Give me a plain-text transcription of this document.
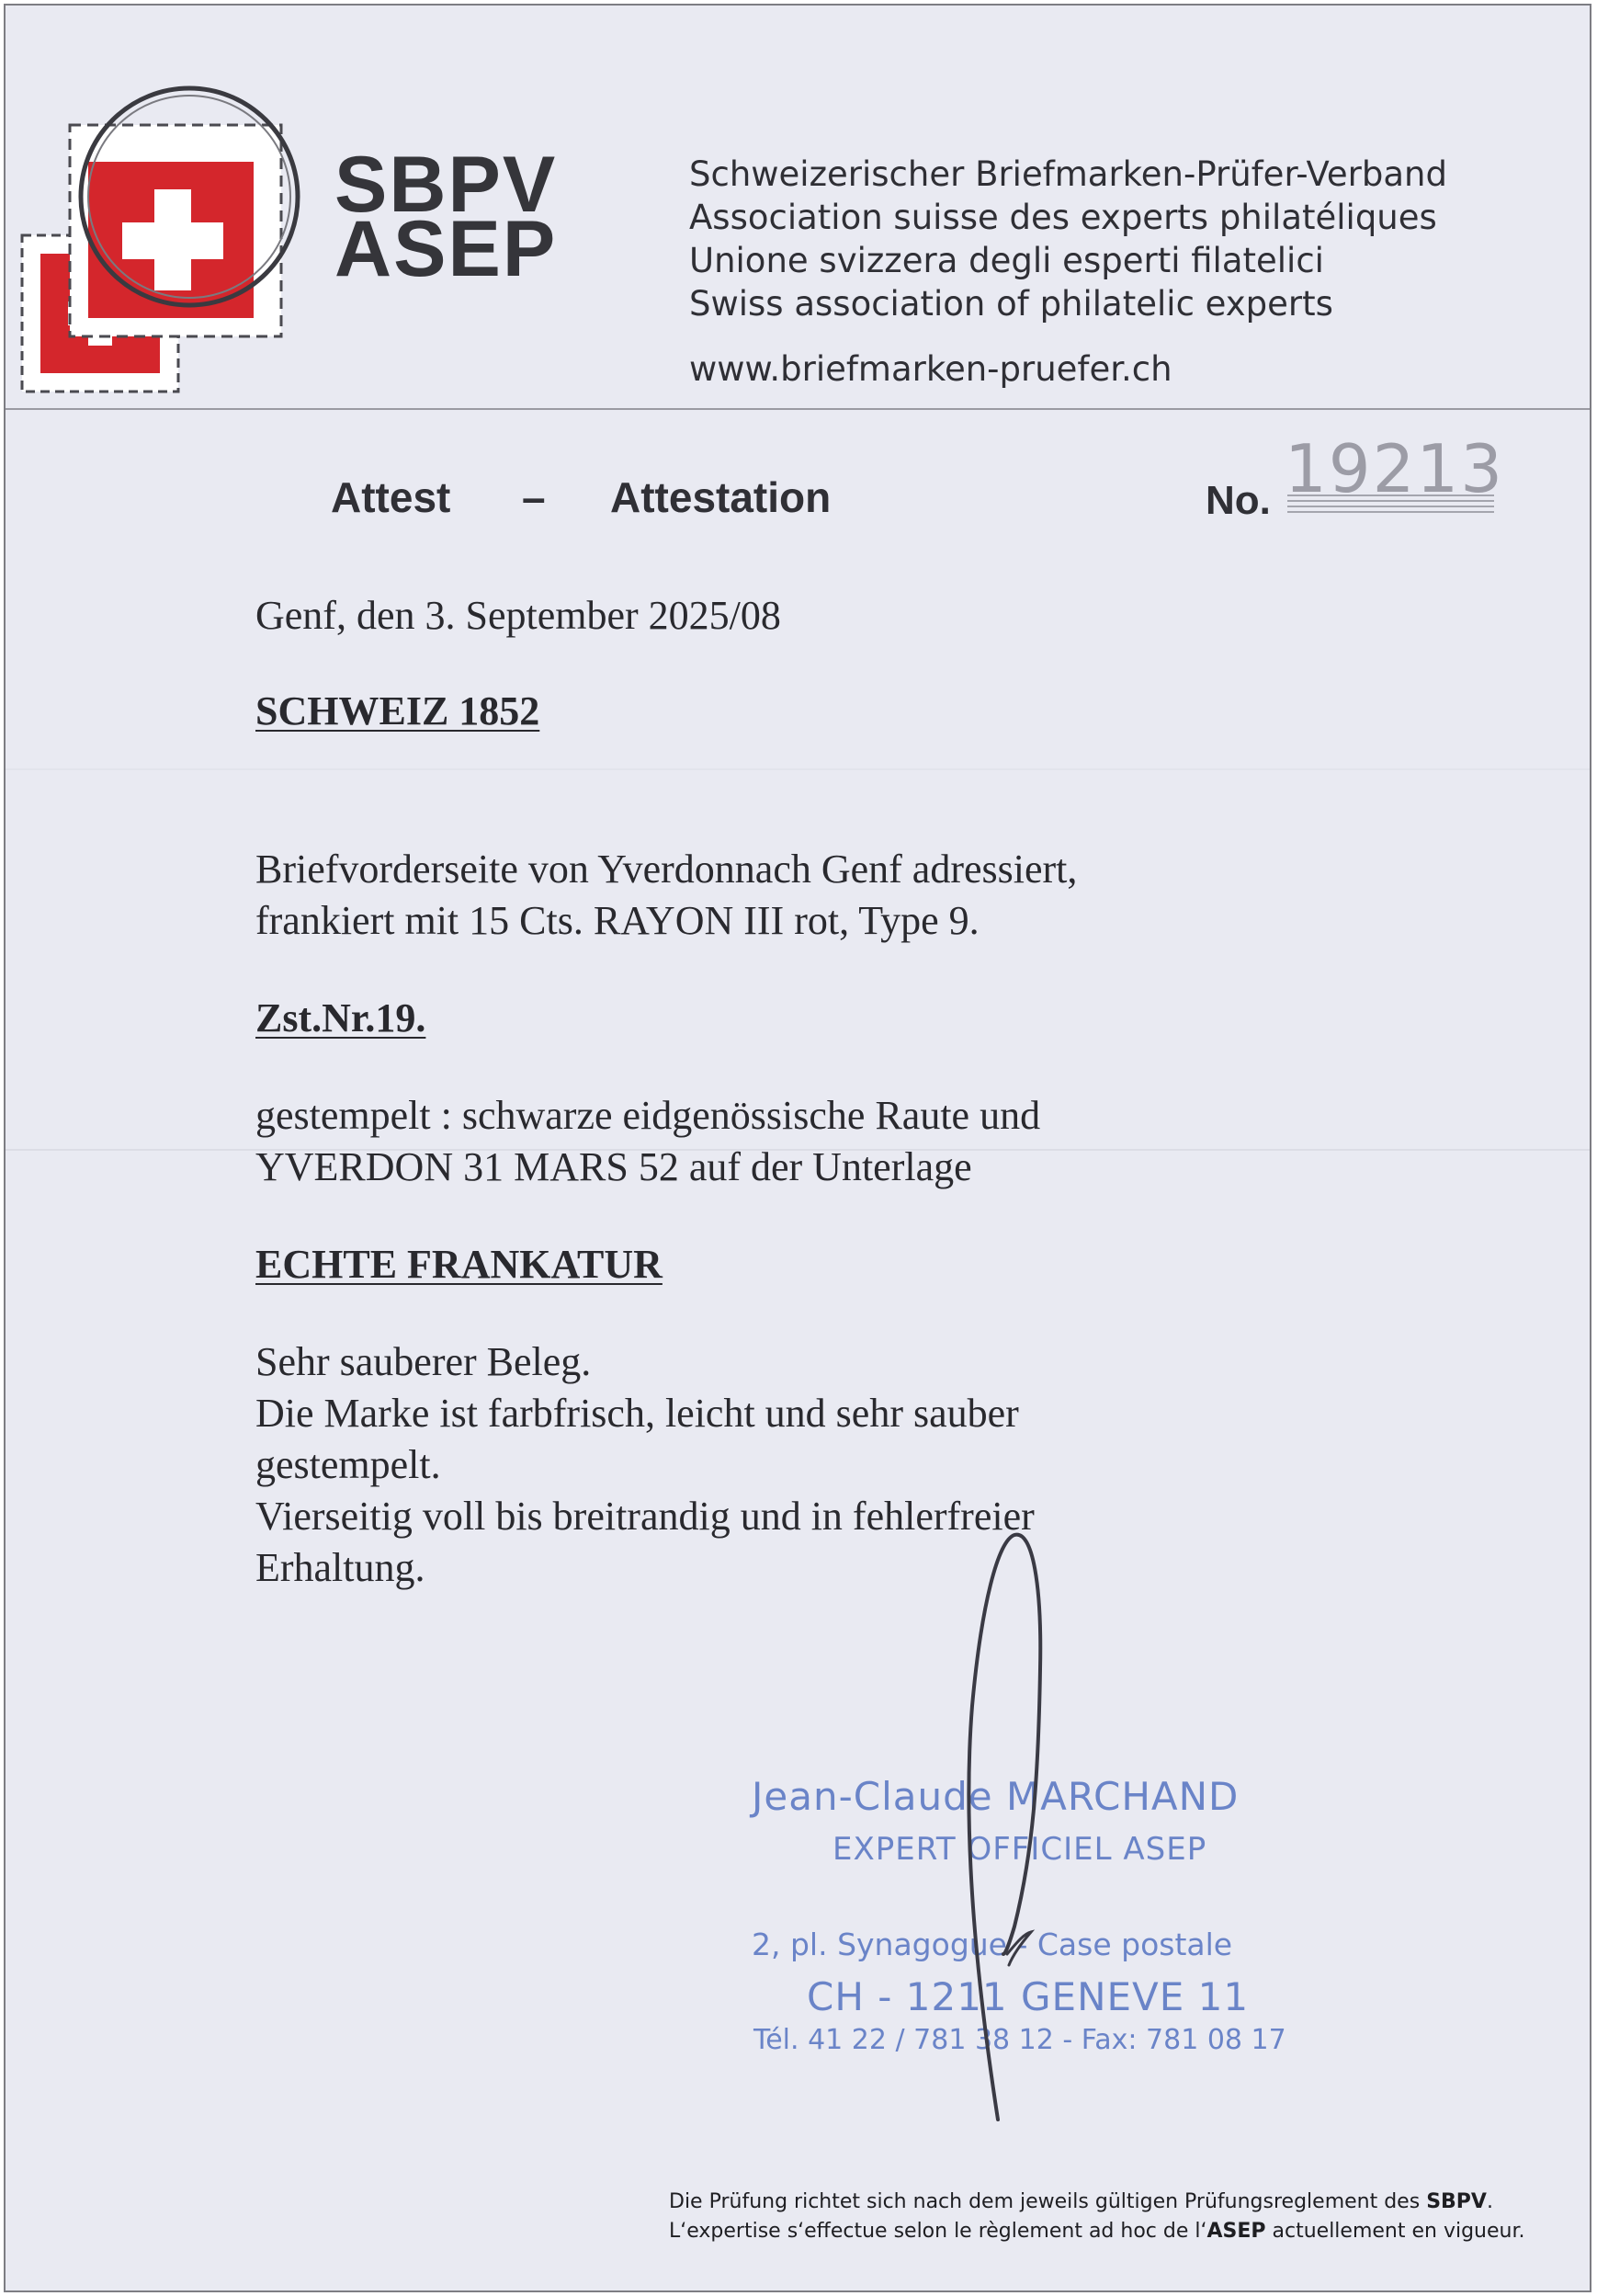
SBPV
ASEP
Schweizerischer Briefmarken-Prüfer-Verband
Association suisse des experts philatéliques
Unione svizzera degli esperti filatelici
Swiss association of philatelic experts
www.briefmarken-pruefer.ch
Attest – Attestation	No. 19213
Genf, den 3. September 2025/08
SCHWEIZ 1852
Briefvorderseite von Yverdonnach Genf adressiert,
frankiert mit 15 Cts. RAYON III rot, Type 9.
Zst.Nr.19.
gestempelt : schwarze eidgenössische Raute und
YVERDON 31 MARS 52 auf der Unterlage
ECHTE FRANKATUR
Sehr sauberer Beleg.
Die Marke ist farbfrisch, leicht und sehr sauber
gestempelt.
Vierseitig voll bis breitrandig und in fehlerfreier
Erhaltung.
Jean-Claude MARCHAND
EXPERT OFFICIEL ASEP
2, pl. Synagogue - Case postale
CH - 1211 GENEVE 11
Tél. 41 22 / 781 38 12 - Fax: 781 08 17
Die Prüfung richtet sich nach dem jeweils gültigen Prüfungsreglement des SBPV.
L‘expertise s‘effectue selon le règlement ad hoc de l‘ASEP actuellement en vigueur.
